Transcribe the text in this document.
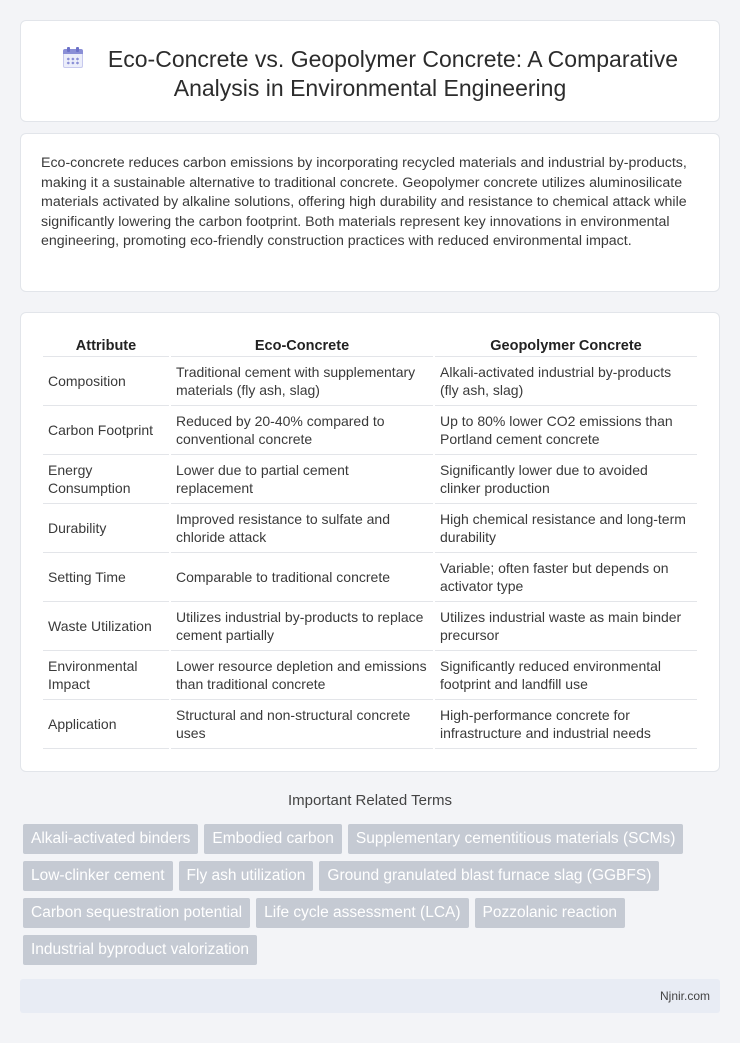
Eco-Concrete vs. Geopolymer Concrete: A Comparative
Analysis in Environmental Engineering

Eco-concrete reduces carbon emissions by incorporating recycled materials and industrial by-products, making it a sustainable alternative to traditional concrete. Geopolymer concrete utilizes aluminosilicate materials activated by alkaline solutions, offering high durability and resistance to chemical attack while significantly lowering the carbon footprint. Both materials represent key innovations in environmental engineering, promoting eco-friendly construction practices with reduced environmental impact.

Attribute	Eco-Concrete	Geopolymer Concrete
Composition	Traditional cement with supplementary materials (fly ash, slag)	Alkali-activated industrial by-products (fly ash, slag)
Carbon Footprint	Reduced by 20-40% compared to conventional concrete	Up to 80% lower CO2 emissions than Portland cement concrete
Energy Consumption	Lower due to partial cement replacement	Significantly lower due to avoided clinker production
Durability	Improved resistance to sulfate and chloride attack	High chemical resistance and long-term durability
Setting Time	Comparable to traditional concrete	Variable; often faster but depends on activator type
Waste Utilization	Utilizes industrial by-products to replace cement partially	Utilizes industrial waste as main binder precursor
Environmental Impact	Lower resource depletion and emissions than traditional concrete	Significantly reduced environmental footprint and landfill use
Application	Structural and non-structural concrete uses	High-performance concrete for infrastructure and industrial needs
Important Related Terms
Alkali-activated binders	Embodied carbon	Supplementary cementitious materials (SCMs)
Low-clinker cement	Fly ash utilization	Ground granulated blast furnace slag (GGBFS)
Carbon sequestration potential	Life cycle assessment (LCA)	Pozzolanic reaction
Industrial byproduct valorization
Njnir.com
